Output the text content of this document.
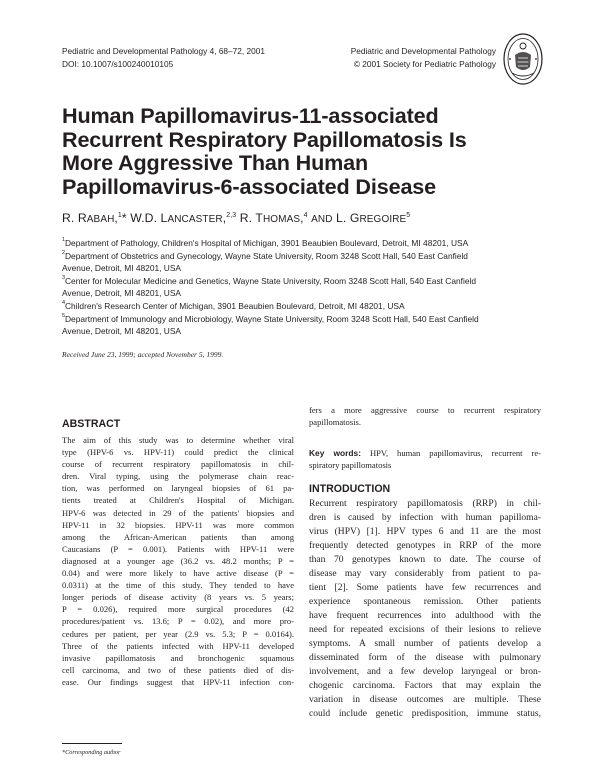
Pediatric and Developmental Pathology 4, 68–72, 2001
DOI: 10.1007/s100240010105
Pediatric and Developmental Pathology
© 2001 Society for Pediatric Pathology
Human Papillomavirus-11-associated
Recurrent Respiratory Papillomatosis Is
More Aggressive Than Human
Papillomavirus-6-associated Disease
R. RABAH,$^1$* W.D. LANCASTER,$^{2,3}$ R. THOMAS,$^4$ AND L. GREGOIRE$^5$
1 Department of Pathology, Children's Hospital of Michigan, 3901 Beaubien Boulevard, Detroit, MI 48201, USA
2 Department of Obstetrics and Gynecology, Wayne State University, Room 3248 Scott Hall, 540 East Canfield
Avenue, Detroit, MI 48201, USA
3 Center for Molecular Medicine and Genetics, Wayne State University, Room 3248 Scott Hall, 540 East Canfield
Avenue, Detroit, MI 48201, USA
4 Children's Research Center of Michigan, 3901 Beaubien Boulevard, Detroit, MI 48201, USA
5 Department of Immunology and Microbiology, Wayne State University, Room 3248 Scott Hall, 540 East Canfield
Avenue, Detroit, MI 48201, USA
Received June 23, 1999; accepted November 5, 1999.
ABSTRACT
The aim of this study was to determine whether viral
type (HPV-6 vs. HPV-11) could predict the clinical
course of recurrent respiratory papillomatosis in chil-
dren. Viral typing, using the polymerase chain reac-
tion, was performed on laryngeal biopsies of 61 pa-
tients treated at Children's Hospital of Michigan.
HPV-6 was detected in 29 of the patients' biopsies and
HPV-11 in 32 biopsies. HPV-11 was more common
among the African-American patients than among
Caucasians (P = 0.001). Patients with HPV-11 were
diagnosed at a younger age (36.2 vs. 48.2 months; P =
0.04) and were more likely to have active disease (P =
0.0311) at the time of this study. They tended to have
longer periods of disease activity (8 years vs. 5 years;
P = 0.026), required more surgical procedures (42
procedures/patient vs. 13.6; P = 0.02), and more pro-
cedures per patient, per year (2.9 vs. 5.3; P = 0.0164).
Three of the patients infected with HPV-11 developed
invasive papillomatosis and bronchogenic squamous
cell carcinoma, and two of these patients died of dis-
ease. Our findings suggest that HPV-11 infection con-
fers a more aggressive course to recurrent respiratory
papillomatosis.
Key words: HPV, human papillomavirus, recurrent re-
spiratory papillomatosis
INTRODUCTION
Recurrent respiratory papillomatosis (RRP) in chil-
dren is caused by infection with human papilloma-
virus (HPV) [1]. HPV types 6 and 11 are the most
frequently detected genotypes in RRP of the more
than 70 genotypes known to date. The course of
disease may vary considerably from patient to pa-
tient [2]. Some patients have few recurrences and
experience spontaneous remission. Other patients
have frequent recurrences into adulthood with the
need for repeated excisions of their lesions to relieve
symptoms. A small number of patients develop a
disseminated form of the disease with pulmonary
involvement, and a few develop laryngeal or bron-
chogenic carcinoma. Factors that may explain the
variation in disease outcomes are multiple. These
could include genetic predisposition, immune status,
*Corresponding author
